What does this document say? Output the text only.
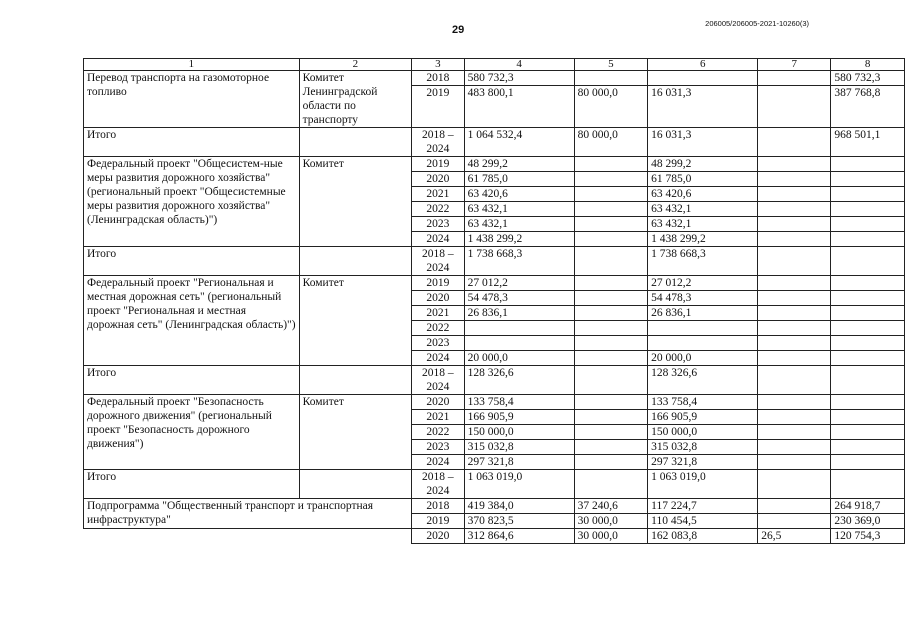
29
206005/206005-2021-10260(3)
1	2	3	4	5	6	7	8
Перевод транспорта на газомоторное топливо	Комитет Ленинградской области по транспорту	2018	580 732,3				580 732,3
		2019	483 800,1	80 000,0	16 031,3		387 768,8
Итого		2018 – 2024	1 064 532,4	80 000,0	16 031,3		968 501,1
Федеральный проект "Общесистем-ные меры развития дорожного хозяйства" (региональный проект "Общесистемные меры развития дорожного хозяйства" (Ленинградская область)")	Комитет	2019	48 299,2		48 299,2		
		2020	61 785,0		61 785,0		
		2021	63 420,6		63 420,6		
		2022	63 432,1		63 432,1		
		2023	63 432,1		63 432,1		
		2024	1 438 299,2		1 438 299,2		
Итого		2018 – 2024	1 738 668,3		1 738 668,3		
Федеральный проект "Региональная и местная дорожная сеть" (региональный проект "Региональная и местная дорожная сеть" (Ленинградская область)")	Комитет	2019	27 012,2		27 012,2		
		2020	54 478,3		54 478,3		
		2021	26 836,1		26 836,1		
		2022					
		2023					
		2024	20 000,0		20 000,0		
Итого		2018 – 2024	128 326,6		128 326,6		
Федеральный проект "Безопасность дорожного движения" (региональный проект "Безопасность дорожного движения")	Комитет	2020	133 758,4		133 758,4		
		2021	166 905,9		166 905,9		
		2022	150 000,0		150 000,0		
		2023	315 032,8		315 032,8		
		2024	297 321,8		297 321,8		
Итого		2018 – 2024	1 063 019,0		1 063 019,0		
Подпрограмма "Общественный транспорт и транспортная инфраструктура"		2018	419 384,0	37 240,6	117 224,7		264 918,7
		2019	370 823,5	30 000,0	110 454,5		230 369,0
		2020	312 864,6	30 000,0	162 083,8	26,5	120 754,3
